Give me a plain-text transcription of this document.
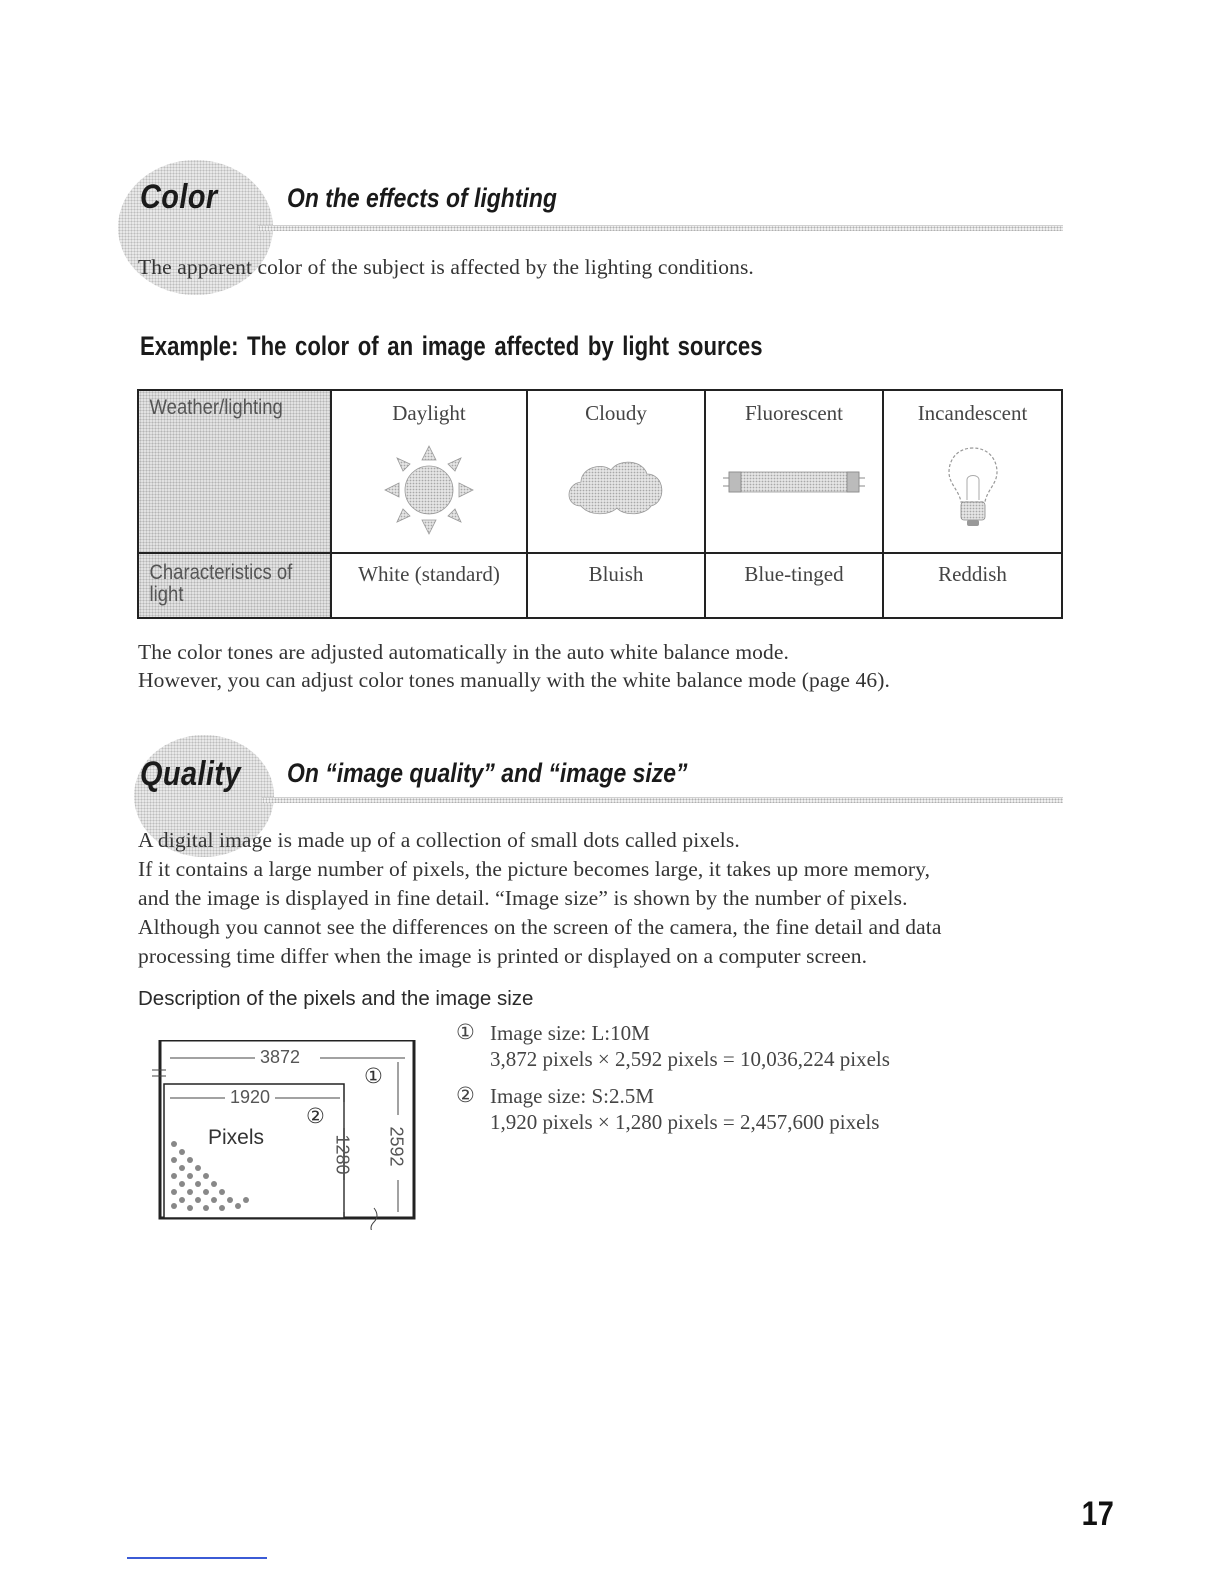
Color	On the effects of lighting
The apparent color of the subject is affected by the lighting conditions.
Example: The color of an image affected by light sources
Weather/lighting	Daylight	Cloudy	Fluorescent	Incandescent

Characteristics of light	White (standard)	Bluish	Blue-tinged	Reddish
The color tones are adjusted automatically in the auto white balance mode.
However, you can adjust color tones manually with the white balance mode (page 46).
Quality On “image quality” and “image size”
A digital image is made up of a collection of small dots called pixels.
If it contains a large number of pixels, the picture becomes large, it takes up more memory,
and the image is displayed in fine detail. “Image size” is shown by the number of pixels.
Although you cannot see the differences on the screen of the camera, the fine detail and data
processing time differ when the image is printed or displayed on a computer screen.
Description of the pixels and the image size
3872
1920
2592
1280
Pixels
①
②
① Image size: L:10M
3,872 pixels × 2,592 pixels = 10,036,224 pixels
② Image size: S:2.5M
1,920 pixels × 1,280 pixels = 2,457,600 pixels
17
